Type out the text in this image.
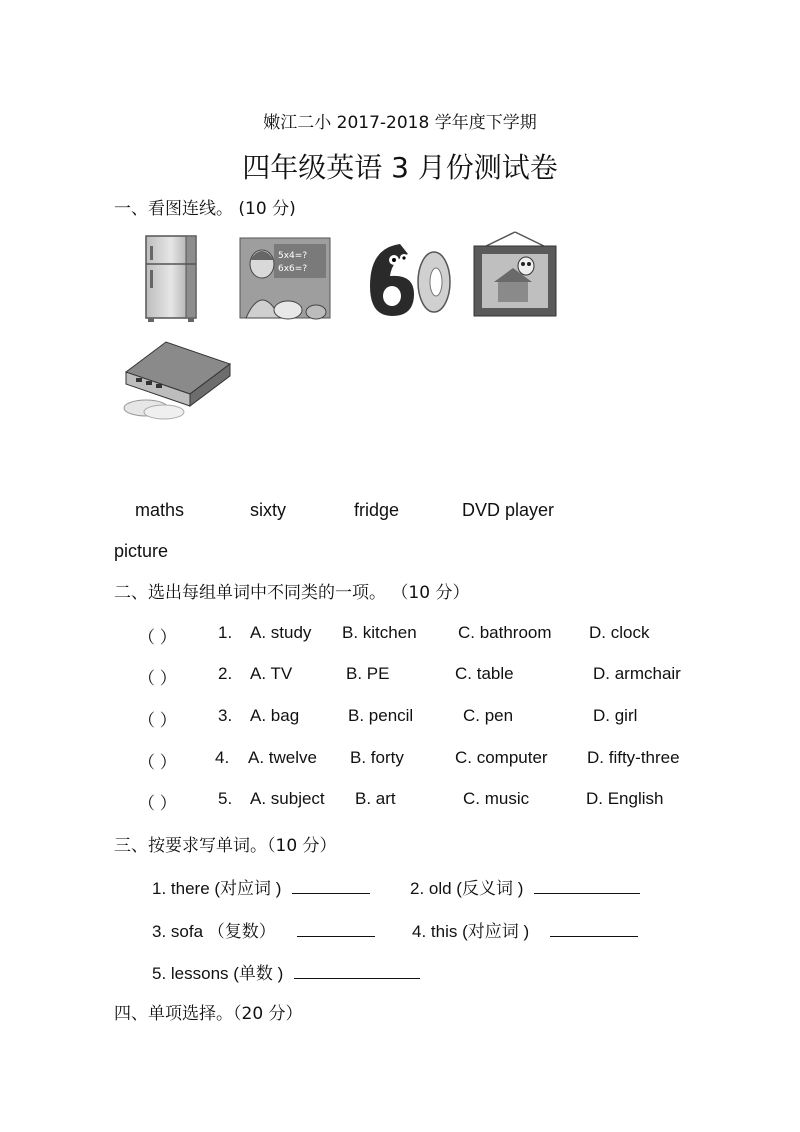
嫩江二小 2017-2018 学年度下学期
四年级英语 3 月份测试卷
一、看图连线。 (10 分)
5x4=?
6x6=?
maths	sixty	fridge	DVD player
picture
二、选出每组单词中不同类的一项。 （10 分）
（ ） 1. A. study B. kitchen C. bathroom D. clock
（ ） 2. A. TV	B. PE	C. table	D. armchair
（ ） 3. A. bag	B. pencil	C. pen	D. girl
（ ） 4. A. twelve B. forty	C. computer D. fifty-three
（ ） 5. A. subject B. art	C. music	D. English
三、按要求写单词。（10 分）
1. there (对应词 )	2. old (反义词 )
3. sofa （复数）	4. this (对应词 )
5. lessons (单数 )
四、单项选择。（20 分）
